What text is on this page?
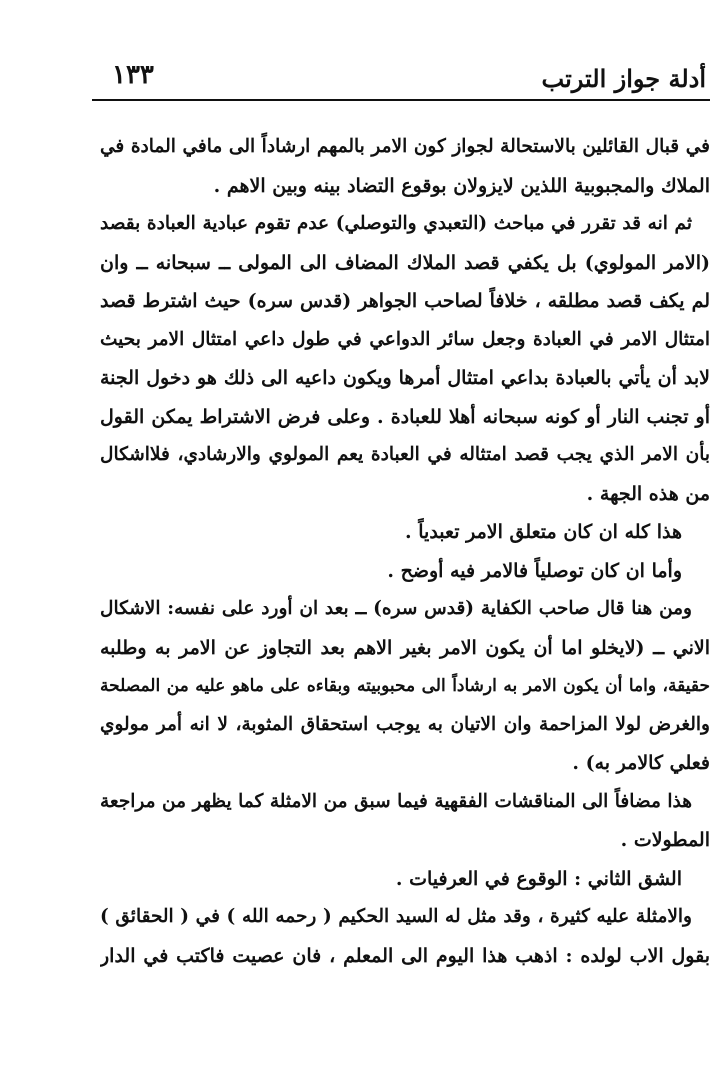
أدلة جواز الترتب
١٣٣
في قبال القائلين بالاستحالة لجواز كون الامر بالمهم ارشاداً الى مافي المادة في
الملاك والمجبوبية اللذين لايزولان بوقوع التضاد بينه وبين الاهم .
ثم انه قد تقرر في مباحث (التعبدي والتوصلي) عدم تقوم عبادية العبادة بقصد
(الامر المولوي) بل يكفي قصد الملاك المضاف الى المولى ــ سبحانه ــ وان
لم يكف قصد مطلقه ، خلافاً لصاحب الجواهر (قدس سره) حيث اشترط قصد
امتثال الامر في العبادة وجعل سائر الدواعي في طول داعي امتثال الامر بحيث
لابد أن يأتي بالعبادة بداعي امتثال أمرها ويكون داعيه الى ذلك هو دخول الجنة
أو تجنب النار أو كونه سبحانه أهلا للعبادة . وعلى فرض الاشتراط يمكن القول
بأن الامر الذي يجب قصد امتثاله في العبادة يعم المولوي والارشادي، فلااشكال
من هذه الجهة .
هذا كله ان كان متعلق الامر تعبدياً .
وأما ان كان توصلياً فالامر فيه أوضح .
ومن هنا قال صاحب الكفاية (قدس سره) ــ بعد ان أورد على نفسه: الاشكال
الاني ــ (لايخلو اما أن يكون الامر بغير الاهم بعد التجاوز عن الامر به وطلبه
حقيقة، واما أن يكون الامر به ارشاداً الى محبوبيته وبقاءه على ماهو عليه من المصلحة
والغرض لولا المزاحمة وان الاتيان به يوجب استحقاق المثوبة، لا انه أمر مولوي
فعلي كالامر به) .
هذا مضافاً الى المناقشات الفقهية فيما سبق من الامثلة كما يظهر من مراجعة
المطولات .
الشق الثاني : الوقوع في العرفيات .
والامثلة عليه كثيرة ، وقد مثل له السيد الحكيم ( رحمه الله ) في ( الحقائق )
بقول الاب لولده : اذهب هذا اليوم الى المعلم ، فان عصيت فاكتب في الدار
